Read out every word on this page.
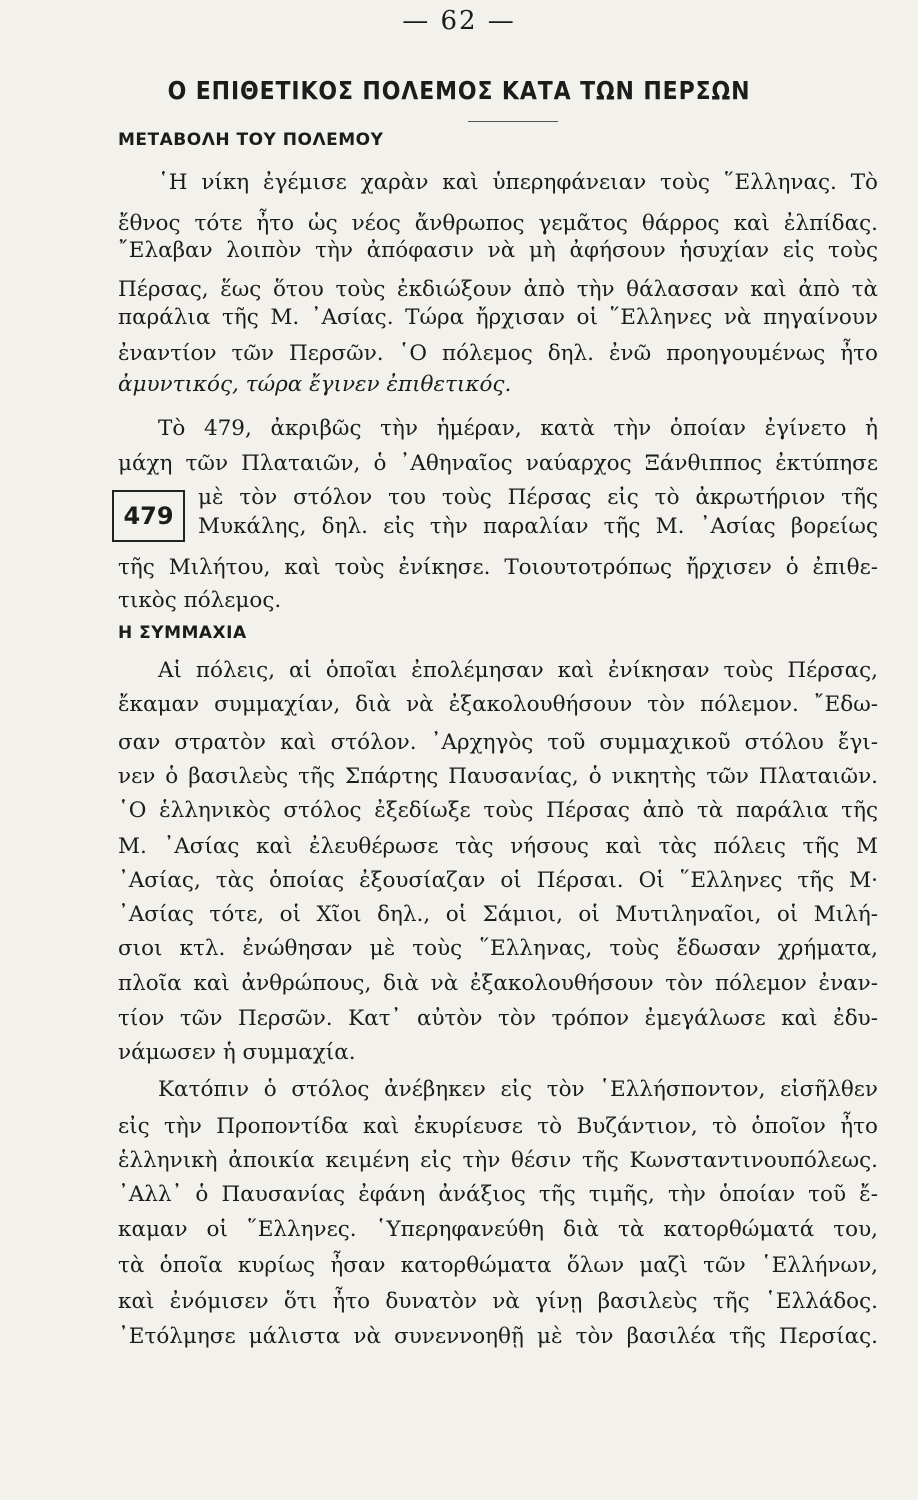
— 62 —
Ο ΕΠΙΘΕΤΙΚΟΣ ΠΟΛΕΜΟΣ ΚΑΤΑ ΤΩΝ ΠΕΡΣΩΝ
ΜΕΤΑΒΟΛΗ ΤΟΥ ΠΟΛΕΜΟΥ
῾Η νίκη ἐγέμισε χαρὰν καὶ ὑπερηφάνειαν τοὺς ῞Ελληνας. Τὸ
ἔθνος τότε ἦτο ὡς νέος ἄνθρωπος γεμᾶτος θάρρος καὶ ἐλπίδας.
῎Ελαβαν λοιπὸν τὴν ἀπόφασιν νὰ μὴ ἀφήσουν ἡσυχίαν εἰς τοὺς
Πέρσας, ἕως ὅτου τοὺς ἐκδιώξουν ἀπὸ τὴν θάλασσαν καὶ ἀπὸ τὰ
παράλια τῆς Μ. ᾿Ασίας. Τώρα ἤρχισαν οἱ ῞Ελληνες νὰ πηγαίνουν
ἐναντίον τῶν Περσῶν. ῾Ο πόλεμος δηλ. ἐνῶ προηγουμένως ἦτο
ἀμυντικός, τώρα ἔγινεν ἐπιθετικός.
Τὸ 479, ἀκριβῶς τὴν ἡμέραν, κατὰ τὴν ὁποίαν ἐγίνετο ἡ
μάχη τῶν Πλαταιῶν, ὁ ᾿Αθηναῖος ναύαρχος Ξάνθιππος ἐκτύπησε
479
μὲ τὸν στόλον του τοὺς Πέρσας εἰς τὸ ἀκρωτήριον τῆς
Μυκάλης, δηλ. εἰς τὴν παραλίαν τῆς Μ. ᾿Ασίας βορείως
τῆς Μιλήτου, καὶ τοὺς ἐνίκησε. Τοιουτοτρόπως ἤρχισεν ὁ ἐπιθε-
τικὸς πόλεμος.
Η ΣΥΜΜΑΧΙΑ
Αἱ πόλεις, αἱ ὁποῖαι ἐπολέμησαν καὶ ἐνίκησαν τοὺς Πέρσας,
ἔκαμαν συμμαχίαν, διὰ νὰ ἐξακολουθήσουν τὸν πόλεμον. ῎Εδω-
σαν στρατὸν καὶ στόλον. ᾿Αρχηγὸς τοῦ συμμαχικοῦ στόλου ἔγι-
νεν ὁ βασιλεὺς τῆς Σπάρτης Παυσανίας, ὁ νικητὴς τῶν Πλαταιῶν.
῾Ο ἑλληνικὸς στόλος ἐξεδίωξε τοὺς Πέρσας ἀπὸ τὰ παράλια τῆς
Μ. ᾿Ασίας καὶ ἐλευθέρωσε τὰς νήσους καὶ τὰς πόλεις τῆς Μ
᾿Ασίας, τὰς ὁποίας ἐξουσίαζαν οἱ Πέρσαι. Οἱ ῞Ελληνες τῆς Μ·
᾿Ασίας τότε, οἱ Χῖοι δηλ., οἱ Σάμιοι, οἱ Μυτιληναῖοι, οἱ Μιλή-
σιοι κτλ. ἐνώθησαν μὲ τοὺς ῞Ελληνας, τοὺς ἔδωσαν χρήματα,
πλοῖα καὶ ἀνθρώπους, διὰ νὰ ἐξακολουθήσουν τὸν πόλεμον ἐναν-
τίον τῶν Περσῶν. Κατ᾿ αὐτὸν τὸν τρόπον ἐμεγάλωσε καὶ ἐδυ-
νάμωσεν ἡ συμμαχία.
Κατόπιν ὁ στόλος ἀνέβηκεν εἰς τὸν ῾Ελλήσποντον, εἰσῆλθεν
εἰς τὴν Προποντίδα καὶ ἐκυρίευσε τὸ Βυζάντιον, τὸ ὁποῖον ἦτο
ἑλληνικὴ ἀποικία κειμένη εἰς τὴν θέσιν τῆς Κωνσταντινουπόλεως.
᾿Αλλ᾿ ὁ Παυσανίας ἐφάνη ἀνάξιος τῆς τιμῆς, τὴν ὁποίαν τοῦ ἔ-
καμαν οἱ ῞Ελληνες. ῾Υπερηφανεύθη διὰ τὰ κατορθώματά του,
τὰ ὁποῖα κυρίως ἦσαν κατορθώματα ὅλων μαζὶ τῶν ῾Ελλήνων,
καὶ ἐνόμισεν ὅτι ἦτο δυνατὸν νὰ γίνῃ βασιλεὺς τῆς ῾Ελλάδος.
᾿Ετόλμησε μάλιστα νὰ συνεννοηθῇ μὲ τὸν βασιλέα τῆς Περσίας.
